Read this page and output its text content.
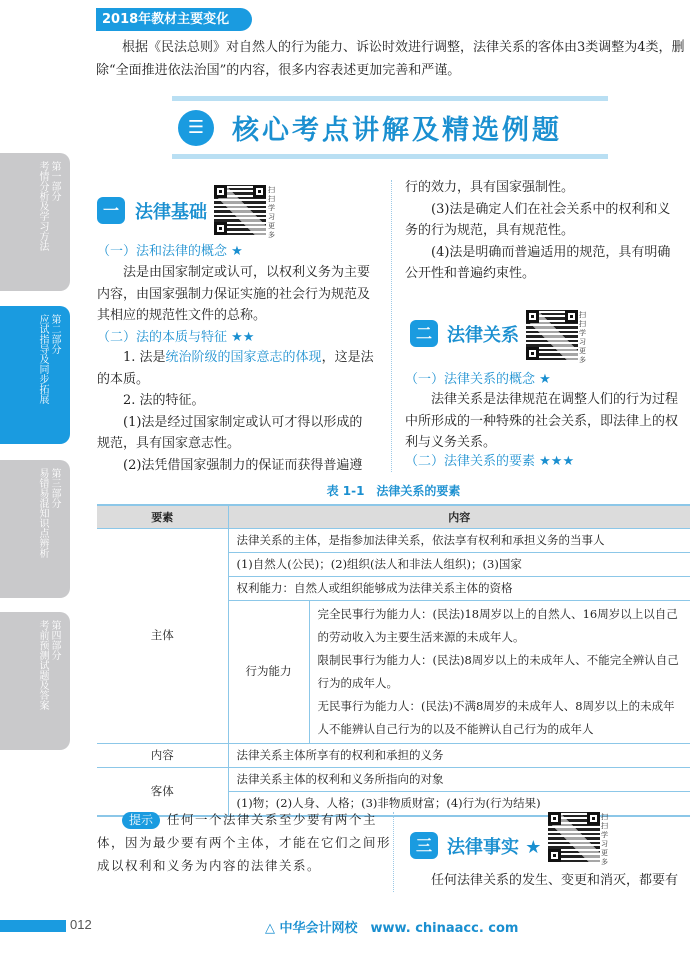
2018年教材主要变化
根据《民法总则》对自然人的行为能力、诉讼时效进行调整，法律关系的客体由3类调整为4类，删除“全面推进依法治国”的内容，很多内容表述更加完善和严谨。
☰	核心考点讲解及精选例题
第一部分
考情分析及学习方法
第二部分
应试指导及同步拓展
第三部分
易错易混知识点辨析
第四部分
考前预测试题及答案
一 法律基础
扫扫学习更多
（一）法和法律的概念 ★
法是由国家制定或认可，以权利义务为主要
内容，由国家强制力保证实施的社会行为规范及
其相应的规范性文件的总称。
（二）法的本质与特征 ★★
1. 法是统治阶级的国家意志的体现，这是法
的本质。
2. 法的特征。
(1)法是经过国家制定或认可才得以形成的
规范，具有国家意志性。
(2)法凭借国家强制力的保证而获得普遍遵
行的效力，具有国家强制性。
(3)法是确定人们在社会关系中的权利和义
务的行为规范，具有规范性。
(4)法是明确而普遍适用的规范，具有明确
公开性和普遍约束性。
二 法律关系
扫扫学习更多
（一）法律关系的概念 ★
法律关系是法律规范在调整人们的行为过程
中所形成的一种特殊的社会关系，即法律上的权
利与义务关系。
（二）法律关系的要素 ★★★
表 1-1　法律关系的要素
要素	内容	
主体	法律关系的主体，是指参加法律关系，依法享有权利和承担义务的当事人	
	(1)自然人(公民)；(2)组织(法人和非法人组织)；(3)国家	
	权利能力：自然人或组织能够成为法律关系主体的资格	
	行为能力	完全民事行为能力人：(民法)18周岁以上的自然人、16周岁以上以自己的劳动收入为主要生活来源的未成年人。
限制民事行为能力人：(民法)8周岁以上的未成年人、不能完全辨认自己行为的成年人。
无民事行为能力人：(民法)不满8周岁的未成年人、8周岁以上的未成年人不能辨认自己行为的以及不能辨认自己行为的成年人

内容	法律关系主体所享有的权利和承担的义务	
客体	法律关系主体的权利和义务所指向的对象	
	(1)物；(2)人身、人格；(3)非物质财富；(4)行为(行为结果)	
提示	任何一个法律关系至少要有两个主
体，因为最少要有两个主体，才能在它们之间形
成以权利和义务为内容的法律关系。
三 法律事实 ★
扫扫学习更多
任何法律关系的发生、变更和消灭，都要有
012	△ 中华会计网校　www. chinaacc. com
